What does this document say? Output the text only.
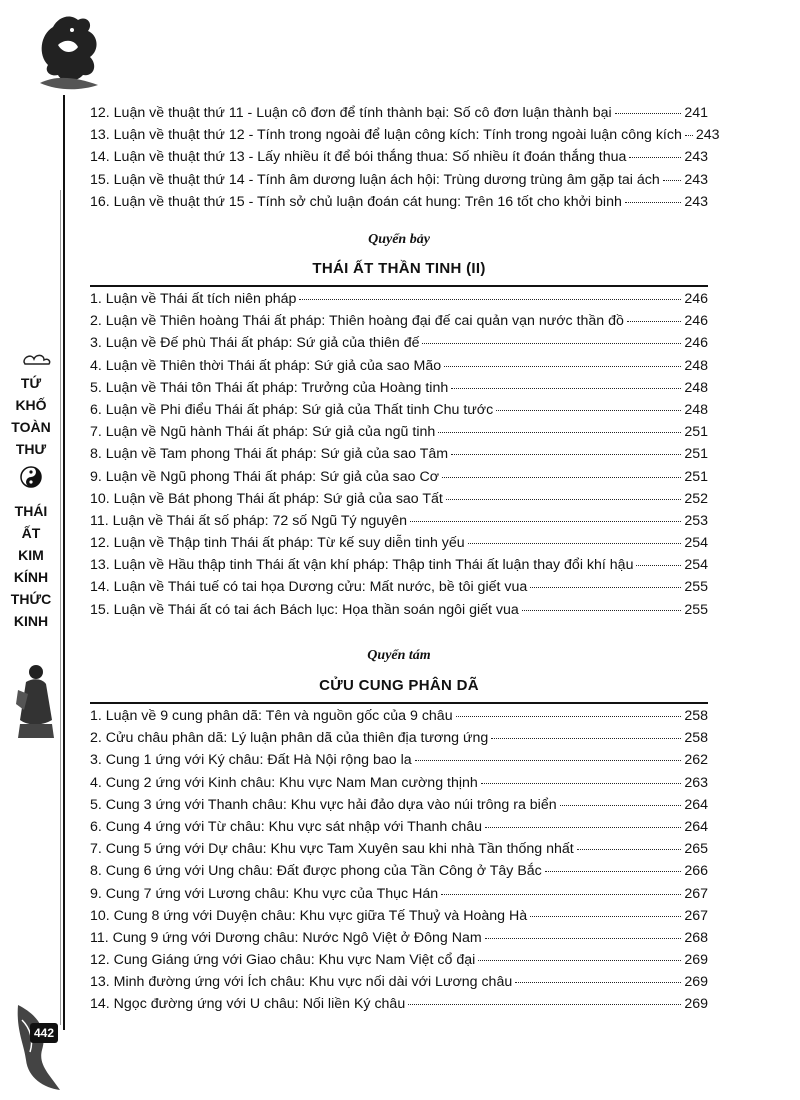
TỨ
KHỐ
TOÀN
THƯ
THÁI
ẤT
KIM
KÍNH
THỨC
KINH
442
12. Luận về thuật thứ 11 - Luận cô đơn để tính thành bại: Số cô đơn luận thành bại	241
13. Luận về thuật thứ 12 - Tính trong ngoài để luận công kích: Tính trong ngoài luận công kích 243
14. Luận về thuật thứ 13 - Lấy nhiều ít để bói thắng thua: Số nhiều ít đoán thắng thua	243
15. Luận về thuật thứ 14 - Tính âm dương luận ách hội: Trùng dương trùng âm gặp tai ách 243
16. Luận về thuật thứ 15 - Tính sở chủ luận đoán cát hung: Trên 16 tốt cho khởi binh	243
Quyển bảy
THÁI ẤT THẦN TINH (II)
1. Luận về Thái ất tích niên pháp	246
2. Luận về Thiên hoàng Thái ất pháp: Thiên hoàng đại đế cai quản vạn nước thần đồ	246
3. Luận về Đế phù Thái ất pháp: Sứ giả của thiên đế	246
4. Luận về Thiên thời Thái ất pháp: Sứ giả của sao Mão	248
5. Luận về Thái tôn Thái ất pháp: Trưởng của Hoàng tinh	248
6. Luận về Phi điểu Thái ất pháp: Sứ giả của Thất tinh Chu tước	248
7. Luận về Ngũ hành Thái ất pháp: Sứ giả của ngũ tinh	251
8. Luận về Tam phong Thái ất pháp: Sứ giả của sao Tâm	251
9. Luận về Ngũ phong Thái ất pháp: Sứ giả của sao Cơ	251
10. Luận về Bát phong Thái ất pháp: Sứ giả của sao Tất	252
11. Luận về Thái ất số pháp: 72 số Ngũ Tý nguyên	253
12. Luận về Thập tinh Thái ất pháp: Từ kế suy diễn tinh yếu	254
13. Luận về Hầu thập tinh Thái ất vận khí pháp: Thập tinh Thái ất luận thay đổi khí hậu	254
14. Luận về Thái tuế có tai họa Dương cửu: Mất nước, bề tôi giết vua	255
15. Luận về Thái ất có tai ách Bách lục: Họa thần soán ngôi giết vua	255
Quyển tám
CỬU CUNG PHÂN DÃ
1. Luận về 9 cung phân dã: Tên và nguồn gốc của 9 châu	258
2. Cửu châu phân dã: Lý luận phân dã của thiên địa tương ứng	258
3. Cung 1 ứng với Ký châu: Đất Hà Nội rộng bao la	262
4. Cung 2 ứng với Kinh châu: Khu vực Nam Man cường thịnh	263
5. Cung 3 ứng với Thanh châu: Khu vực hải đảo dựa vào núi trông ra biển	264
6. Cung 4 ứng với Từ châu: Khu vực sát nhập với Thanh châu	264
7. Cung 5 ứng với Dự châu: Khu vực Tam Xuyên sau khi nhà Tần thống nhất	265
8. Cung 6 ứng với Ung châu: Đất được phong của Tần Công ở Tây Bắc	266
9. Cung 7 ứng với Lương châu: Khu vực của Thục Hán	267
10. Cung 8 ứng với Duyện châu: Khu vực giữa Tế Thuỷ và Hoàng Hà	267
11. Cung 9 ứng với Dương châu: Nước Ngô Việt ở Đông Nam	268
12. Cung Giáng ứng với Giao châu: Khu vực Nam Việt cổ đại	269
13. Minh đường ứng với Ích châu: Khu vực nối dài với Lương châu	269
14. Ngọc đường ứng với U châu: Nối liền Ký châu	269
